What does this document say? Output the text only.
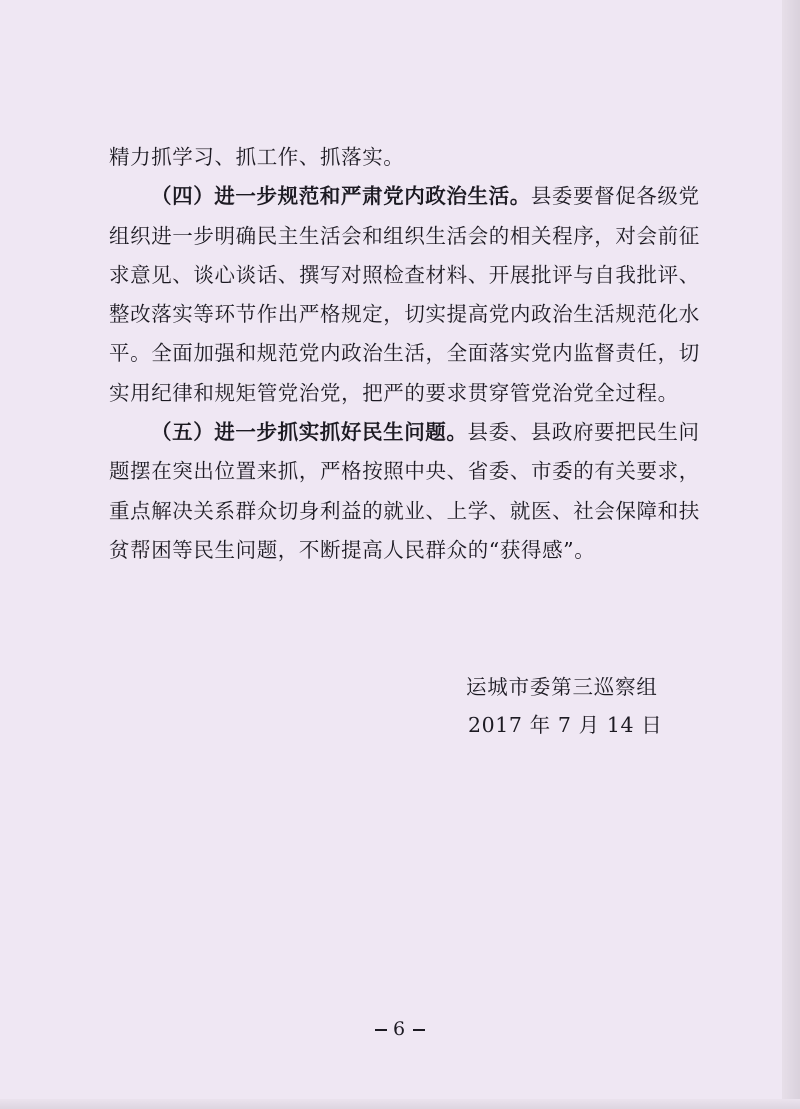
精力抓学习、抓工作、抓落实。
（四）进一步规范和严肃党内政治生活。县委要督促各级党
组织进一步明确民主生活会和组织生活会的相关程序，对会前征
求意见、谈心谈话、撰写对照检查材料、开展批评与自我批评、
整改落实等环节作出严格规定，切实提高党内政治生活规范化水
平。全面加强和规范党内政治生活，全面落实党内监督责任，切
实用纪律和规矩管党治党，把严的要求贯穿管党治党全过程。
（五）进一步抓实抓好民生问题。县委、县政府要把民生问
题摆在突出位置来抓，严格按照中央、省委、市委的有关要求，
重点解决关系群众切身利益的就业、上学、就医、社会保障和扶
贫帮困等民生问题，不断提高人民群众的“获得感”。
运城市委第三巡察组
2017 年 7 月 14 日
6
